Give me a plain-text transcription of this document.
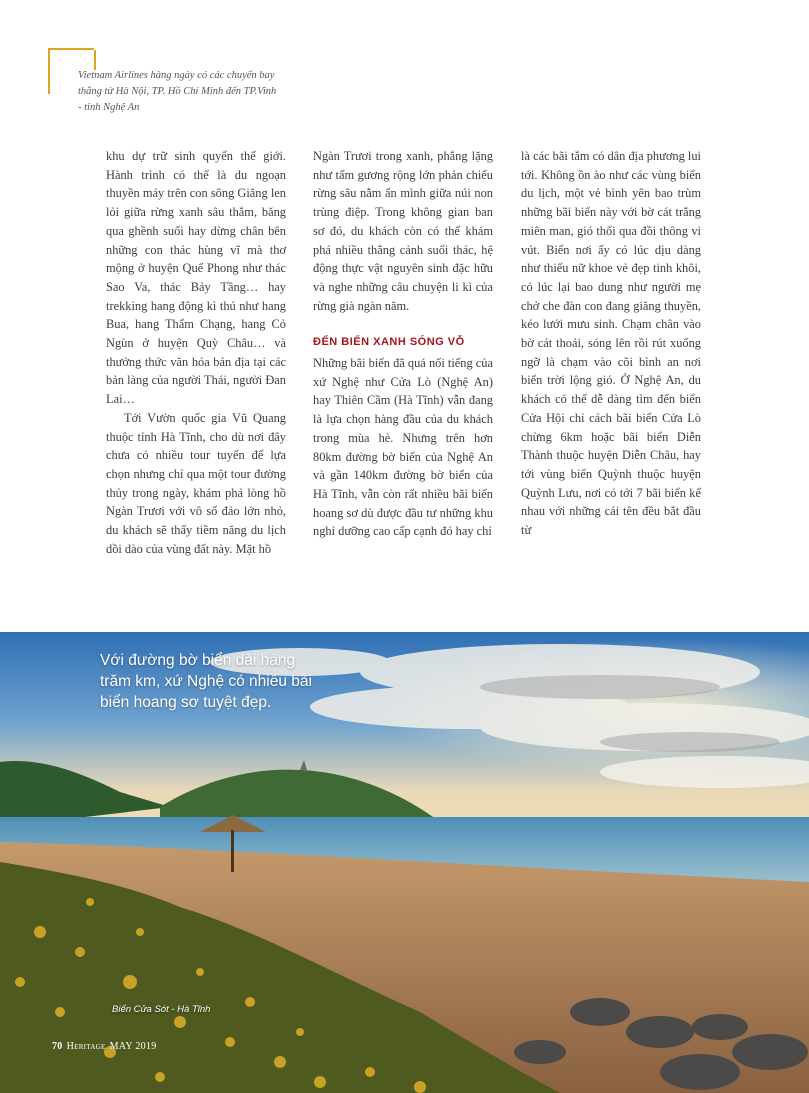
Vietnam Airlines hàng ngày có các chuyến bay thẳng từ Hà Nội, TP. Hồ Chí Minh đến TP.Vinh - tỉnh Nghệ An

khu dự trữ sinh quyển thế giới. Hành trình có thể là du ngoạn thuyền máy trên con sông Giăng len lỏi giữa rừng xanh sâu thẳm, băng qua ghềnh suối hay dừng chân bên những con thác hùng vĩ mà thơ mộng ở huyện Quế Phong như thác Sao Va, thác Bảy Tầng… hay trekking hang động kì thú như hang Bua, hang Thẩm Chạng, hang Cỏ Ngùn ở huyện Quỳ Châu… và thưởng thức văn hóa bản địa tại các bản làng của người Thái, người Đan Lai…

Tới Vườn quốc gia Vũ Quang thuộc tỉnh Hà Tĩnh, cho dù nơi đây chưa có nhiều tour tuyến để lựa chọn nhưng chỉ qua một tour đường thủy trong ngày, khám phá lòng hồ Ngàn Trươi với vô số đảo lớn nhỏ, du khách sẽ thấy tiềm năng du lịch dồi dào của vùng đất này. Mặt hồ

Ngàn Trươi trong xanh, phẳng lặng như tấm gương rộng lớn phản chiếu rừng sâu nằm ẩn mình giữa núi non trùng điệp. Trong không gian ban sơ đó, du khách còn có thể khám phá nhiều thắng cảnh suối thác, hệ động thực vật nguyên sinh đặc hữu và nghe những câu chuyện li kì của rừng già ngàn năm.

ĐẾN BIỂN XANH SÓNG VỖ

Những bãi biển đã quá nổi tiếng của xứ Nghệ như Cửa Lò (Nghệ An) hay Thiên Cầm (Hà Tĩnh) vẫn đang là lựa chọn hàng đầu của du khách trong mùa hè. Nhưng trên hơn 80km đường bờ biển của Nghệ An và gần 140km đường bờ biển của Hà Tĩnh, vẫn còn rất nhiều bãi biển hoang sơ dù được đầu tư những khu nghỉ dưỡng cao cấp cạnh đó hay chỉ

là các bãi tắm có dân địa phương lui tới. Không ồn ào như các vùng biển du lịch, một vẻ bình yên bao trùm những bãi biển này với bờ cát trắng miên man, gió thổi qua đồi thông vi vút. Biển nơi ấy có lúc dịu dàng như thiếu nữ khoe vẻ đẹp tinh khôi, có lúc lại bao dung như người mẹ chở che đàn con đang giăng thuyền, kéo lưới mưu sinh. Chạm chân vào bờ cát thoải, sóng lên rồi rút xuống ngỡ là chạm vào cõi bình an nơi biển trời lộng gió. Ở Nghệ An, du khách có thể dễ dàng tìm đến biển Cửa Hội chỉ cách bãi biển Cửa Lò chừng 6km hoặc bãi biển Diễn Thành thuộc huyện Diễn Châu, hay tới vùng biển Quỳnh thuộc huyện Quỳnh Lưu, nơi có tới 7 bãi biển kế nhau với những cái tên đều bắt đầu từ

Với đường bờ biển dài hàng trăm km, xứ Nghệ có nhiều bãi biển hoang sơ tuyệt đẹp.
Biển Cửa Sót - Hà Tĩnh
70 Heritage MAY 2019
